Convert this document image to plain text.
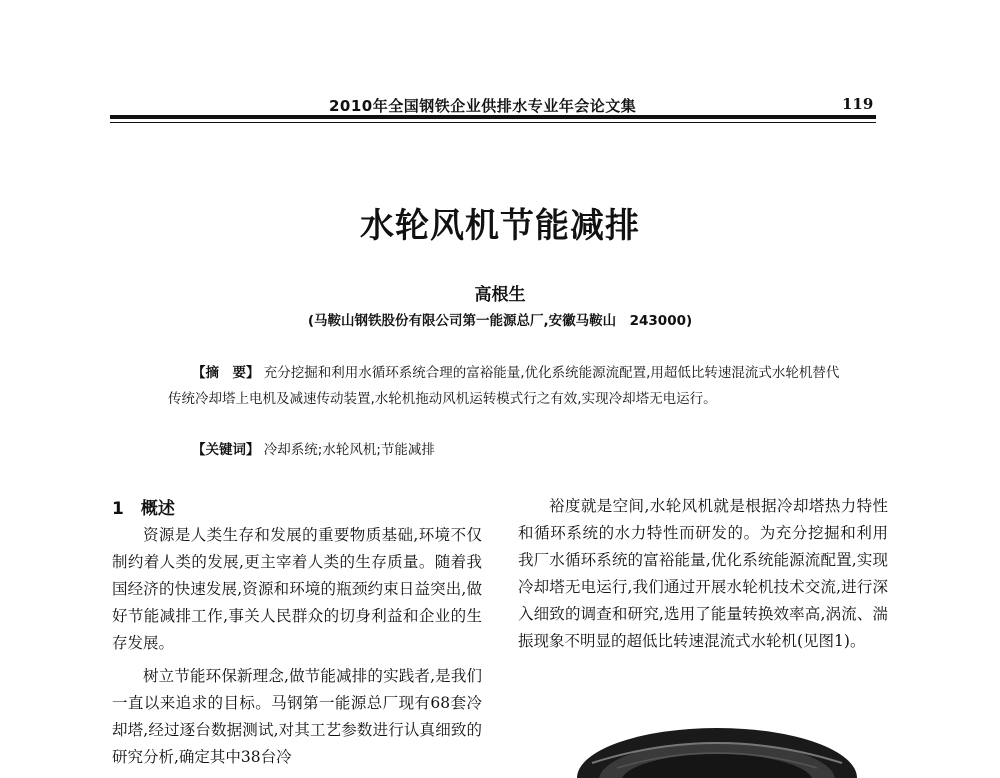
2010年全国钢铁企业供排水专业年会论文集	119
水轮风机节能减排
高根生
(马鞍山钢铁股份有限公司第一能源总厂,安徽马鞍山　243000)
【摘　要】 充分挖掘和利用水循环系统合理的富裕能量,优化系统能源流配置,用超低比转速混流式水轮机替代传统冷却塔上电机及减速传动装置,水轮机拖动风机运转模式行之有效,实现冷却塔无电运行。
【关键词】 冷却系统;水轮风机;节能减排
1　概述

资源是人类生存和发展的重要物质基础,环境不仅制约着人类的发展,更主宰着人类的生存质量。随着我国经济的快速发展,资源和环境的瓶颈约束日益突出,做好节能减排工作,事关人民群众的切身利益和企业的生存发展。

树立节能环保新理念,做节能减排的实践者,是我们一直以来追求的目标。马钢第一能源总厂现有68套冷却塔,经过逐台数据测试,对其工艺参数进行认真细致的研究分析,确定其中38台冷

裕度就是空间,水轮风机就是根据冷却塔热力特性和循环系统的水力特性而研发的。为充分挖掘和利用我厂水循环系统的富裕能量,优化系统能源流配置,实现冷却塔无电运行,我们通过开展水轮机技术交流,进行深入细致的调查和研究,选用了能量转换效率高,涡流、湍振现象不明显的超低比转速混流式水轮机(见图1)。
